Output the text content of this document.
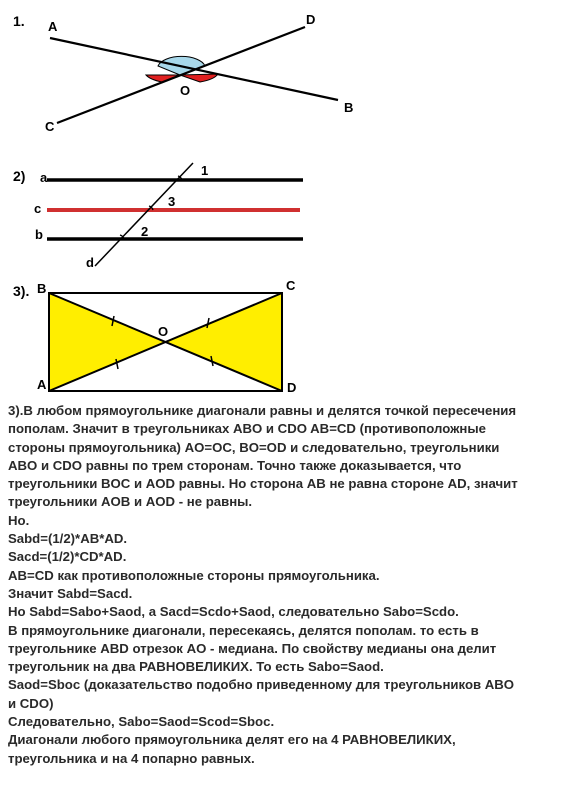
1. A	D
O
C
B
2) a
c
b
d
1
3
2
3). B	C
O
A	D

3).В любом прямоугольнике диагонали равны и делятся точкой пересечения

пополам. Значит в треугольниках ABO и CDO AB=CD (противоположные

стороны прямоугольника) AO=OC, BO=OD и следовательно, треугольники

ABO и CDO равны по трем сторонам. Точно также доказывается, что

треугольники BOC и AOD равны. Но сторона AB не равна стороне AD, значит

треугольники AOB и AOD - не равны.

Но.

Sabd=(1/2)*AB*AD.

Sacd=(1/2)*CD*AD.

AB=CD как противоположные стороны прямоугольника.

Значит Sabd=Sacd.

Но Sabd=Sabo+Saod, а Sacd=Scdo+Saod, следовательно Sabo=Scdo.

В прямоугольнике диагонали, пересекаясь, делятся пополам. то есть в

треугольнике ABD отрезок AO - медиана. По свойству медианы она делит

треугольник на два РАВНОВЕЛИКИХ. То есть Sabo=Saod.

Saod=Sboc (доказательство подобно приведенному для треугольников ABO

и CDO)

Следовательно, Sabo=Saod=Scod=Sboc.

Диагонали любого прямоугольника делят его на 4 РАВНОВЕЛИКИХ,

треугольника и на 4 попарно равных.
